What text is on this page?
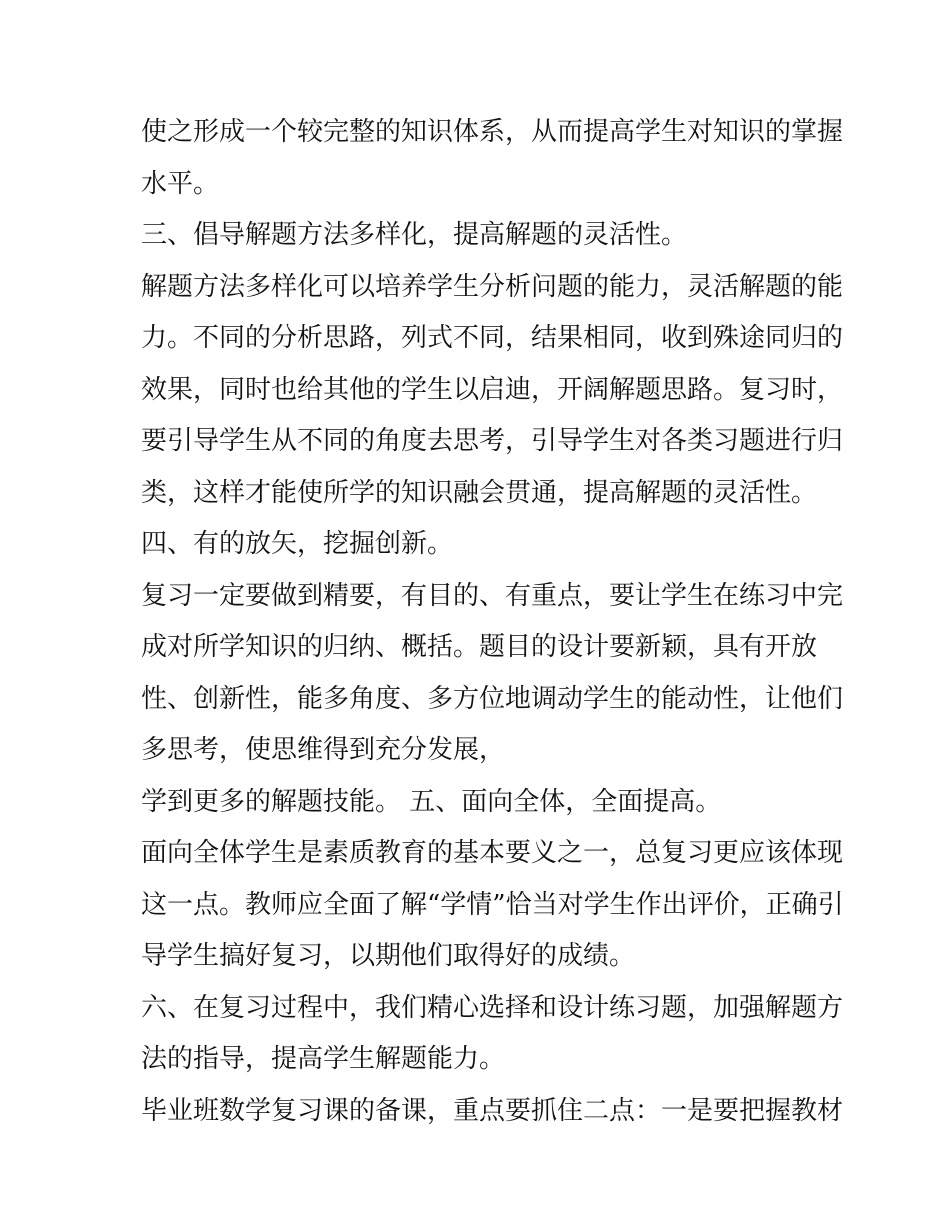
使之形成一个较完整的知识体系，从而提高学生对知识的掌握
水平。
三、倡导解题方法多样化，提高解题的灵活性。
解题方法多样化可以培养学生分析问题的能力，灵活解题的能
力。不同的分析思路，列式不同，结果相同，收到殊途同归的
效果，同时也给其他的学生以启迪，开阔解题思路。复习时，
要引导学生从不同的角度去思考，引导学生对各类习题进行归
类，这样才能使所学的知识融会贯通，提高解题的灵活性。
四、有的放矢，挖掘创新。
复习一定要做到精要，有目的、有重点，要让学生在练习中完
成对所学知识的归纳、概括。题目的设计要新颖，具有开放
性、创新性，能多角度、多方位地调动学生的能动性，让他们
多思考，使思维得到充分发展，
学到更多的解题技能。 五、面向全体，全面提高。
面向全体学生是素质教育的基本要义之一，总复习更应该体现
这一点。教师应全面了解“学情”恰当对学生作出评价，正确引
导学生搞好复习，以期他们取得好的成绩。
六、在复习过程中，我们精心选择和设计练习题，加强解题方
法的指导，提高学生解题能力。
毕业班数学复习课的备课，重点要抓住二点：一是要把握教材
